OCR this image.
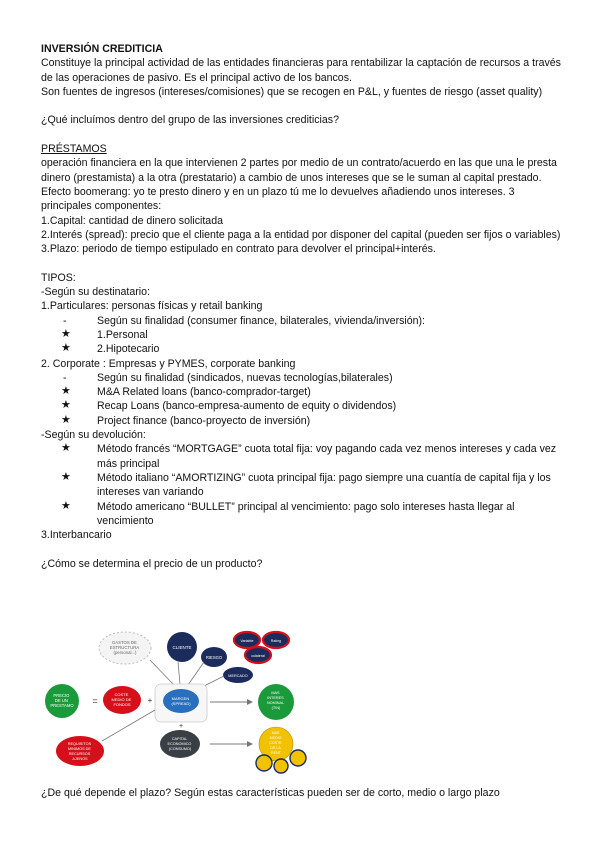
INVERSIÓN CREDITICIA

Constituye la principal actividad de las entidades financieras para rentabilizar la captación de recursos a través de las operaciones de pasivo. Es el principal activo de los bancos.

Son fuentes de ingresos (intereses/comisiones) que se recogen en P&L, y fuentes de riesgo (asset quality)

¿Qué incluímos dentro del grupo de las inversiones crediticias?

PRÉSTAMOS

operación financiera en la que intervienen 2 partes por medio de un contrato/acuerdo en las que una le presta dinero (prestamista) a la otra (prestatario) a cambio de unos intereses que se le suman al capital prestado. Efecto boomerang: yo te presto dinero y en un plazo tú me lo devuelves añadiendo unos intereses. 3 principales componentes:

1.Capital: cantidad de dinero solicitada

2.Interés (spread): precio que el cliente paga a la entidad por disponer del capital (pueden ser fijos o variables)

3.Plazo: periodo de tiempo estipulado en contrato para devolver el principal+interés.

TIPOS:

-Según su destinatario:

1.Particulares: personas físicas y retail banking

-	Según su finalidad (consumer finance, bilaterales, vivienda/inversión):

★ 1.Personal

★ 2.Hipotecario

2. Corporate : Empresas y PYMES, corporate banking

-	Según su finalidad (sindicados, nuevas tecnologías,bilaterales)

★ M&A Related loans (banco-comprador-target)

★ Recap Loans (banco-empresa-aumento de equity o dividendos)

★ Project finance (banco-proyecto de inversión)

-Según su devolución:

★ Método francés “MORTGAGE” cuota total fija: voy pagando cada vez menos intereses y cada vez más principal

★ Método italiano “AMORTIZING” cuota principal fija: pago siempre una cuantía de capital fija y los intereses van variando

★ Método americano “BULLET” principal al vencimiento: pago solo intereses hasta llegar al vencimiento

3.Interbancario

¿Cómo se determina el precio de un producto?

GASTOS DE ESTRUCTURA (personal...)
CLIENTE
RIESGO
Variable	Rating
colateral
MERCADO
PRECIO DE UN PRESTAMO =
COSTE MEDIO DE FONDOS +	MARGEN (SPREAD)
+
CAPITAL ECONOMICO (CONSUMO)
REQUISITOS MINIMOS DE RECURSOS AJENOS
MAS INTERES NOMINAL (TIN)
MAS MEDIO COSTE DE LA RENT

¿De qué depende el plazo? Según estas características pueden ser de corto, medio o largo plazo
